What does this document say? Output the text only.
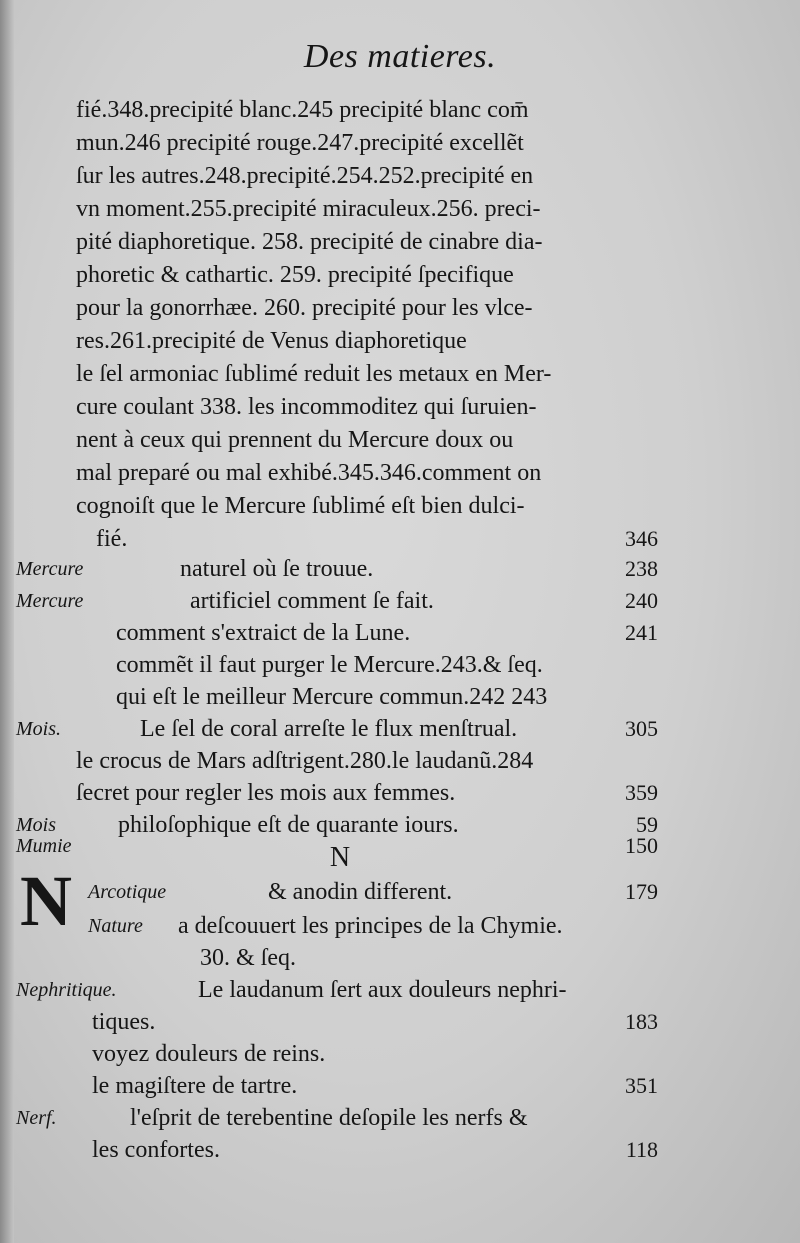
Des matieres.
fié.348.precipité blanc.245 precipité blanc com̄
mun.246 precipité rouge.247.precipité excellẽt
ſur les autres.248.precipité.254.252.precipité en
vn moment.255.precipité miraculeux.256. preci-
pité diaphoretique. 258. precipité de cinabre dia-
phoretic & cathartic. 259. precipité ſpecifique
pour la gonorrhæe. 260. precipité pour les vlce-
res.261.precipité de Venus diaphoretique
le ſel armoniac ſublimé reduit les metaux en Mer-
cure coulant 338. les incommoditez qui ſuruien-
nent à ceux qui prennent du Mercure doux ou
mal preparé ou mal exhibé.345.346.comment on
cognoiſt que le Mercure ſublimé eſt bien dulci-
fié.	346
Mercure	naturel où ſe trouue.	238
Mercure	artificiel comment ſe fait.	240
comment s'extraict de la Lune.	241
commẽt il faut purger le Mercure.243.& ſeq.
qui eſt le meilleur Mercure commun.242 243
Mois.	Le ſel de coral arreſte le flux menſtrual.	305
le crocus de Mars adſtrigent.280.le laudanũ.284
ſecret pour regler les mois aux femmes.	359
Mois	philoſophique eſt de quarante iours.	59
Mumie	150
N
N Arcotique	& anodin different.	179
Nature a deſcouuert les principes de la Chymie.
30. & ſeq.
Nephritique.	Le laudanum ſert aux douleurs nephri-
tiques.	183
voyez douleurs de reins.
le magiſtere de tartre.	351
Nerf.	l'eſprit de terebentine deſopile les nerfs &
les confortes.	118
